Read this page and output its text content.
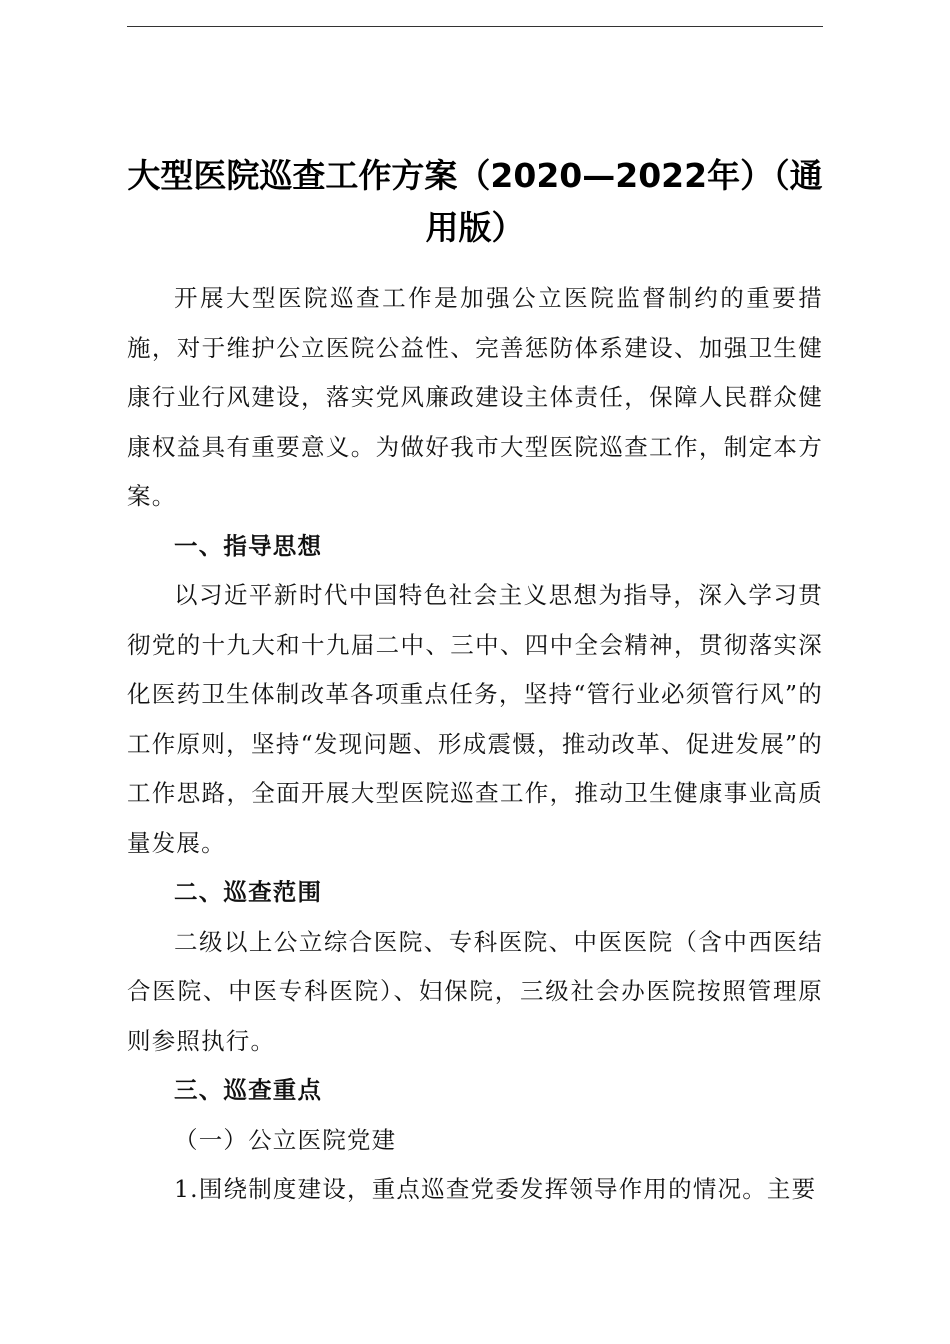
大型医院巡查工作方案（2020—2022年）（通用版）

开展大型医院巡查工作是加强公立医院监督制约的重要措施，对于维护公立医院公益性、完善惩防体系建设、加强卫生健康行业行风建设，落实党风廉政建设主体责任，保障人民群众健康权益具有重要意义。为做好我市大型医院巡查工作，制定本方案。

一、指导思想

以习近平新时代中国特色社会主义思想为指导，深入学习贯彻党的十九大和十九届二中、三中、四中全会精神，贯彻落实深化医药卫生体制改革各项重点任务，坚持“管行业必须管行风”的工作原则，坚持“发现问题、形成震慑，推动改革、促进发展”的工作思路，全面开展大型医院巡查工作，推动卫生健康事业高质量发展。

二、巡查范围

二级以上公立综合医院、专科医院、中医医院（含中西医结合医院、中医专科医院）、妇保院，三级社会办医院按照管理原则参照执行。

三、巡查重点

（一）公立医院党建

1.围绕制度建设，重点巡查党委发挥领导作用的情况。主要
